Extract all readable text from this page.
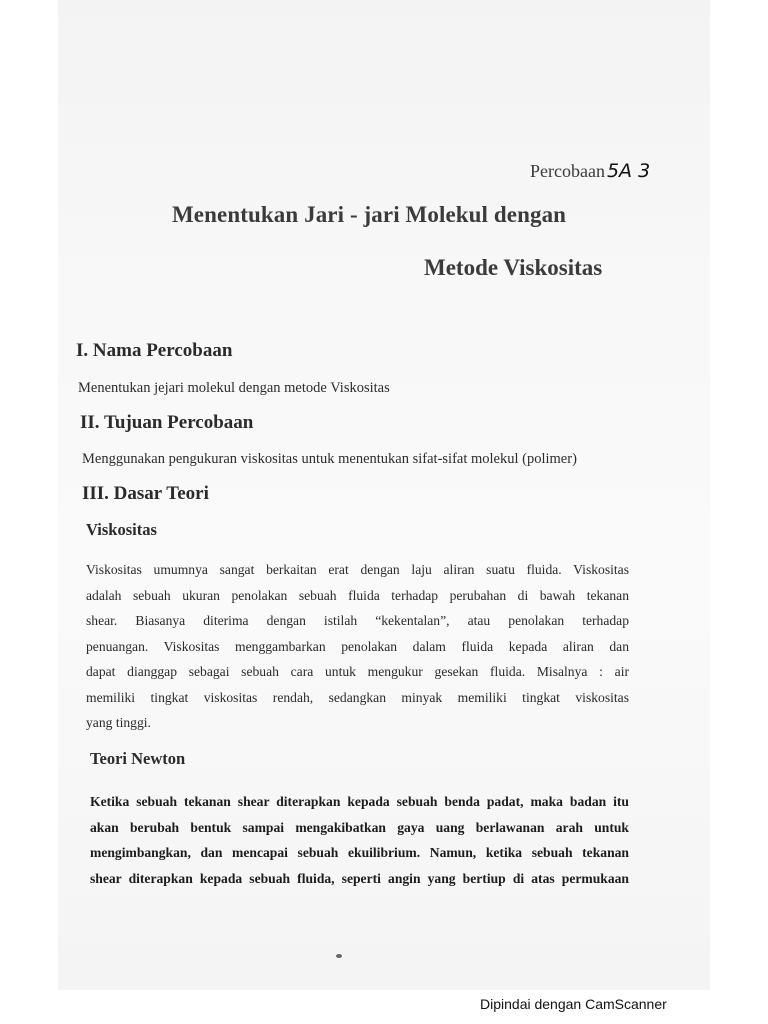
Percobaan 5A 3
Menentukan Jari - jari Molekul dengan
Metode Viskositas
I. Nama Percobaan
Menentukan jejari molekul dengan metode Viskositas
II. Tujuan Percobaan
Menggunakan pengukuran viskositas untuk menentukan sifat-sifat molekul (polimer)
III. Dasar Teori
Viskositas
Viskositas umumnya sangat berkaitan erat dengan laju aliran suatu fluida. Viskositas
adalah sebuah ukuran penolakan sebuah fluida terhadap perubahan di bawah tekanan
shear. Biasanya diterima dengan istilah “kekentalan”, atau penolakan terhadap
penuangan. Viskositas menggambarkan penolakan dalam fluida kepada aliran dan
dapat dianggap sebagai sebuah cara untuk mengukur gesekan fluida. Misalnya : air
memiliki tingkat viskositas rendah, sedangkan minyak memiliki tingkat viskositas
yang tinggi.
Teori Newton
Ketika sebuah tekanan shear diterapkan kepada sebuah benda padat, maka badan itu
akan berubah bentuk sampai mengakibatkan gaya uang berlawanan arah untuk
mengimbangkan, dan mencapai sebuah ekuilibrium. Namun, ketika sebuah tekanan
shear diterapkan kepada sebuah fluida, seperti angin yang bertiup di atas permukaan
Dipindai dengan CamScanner
